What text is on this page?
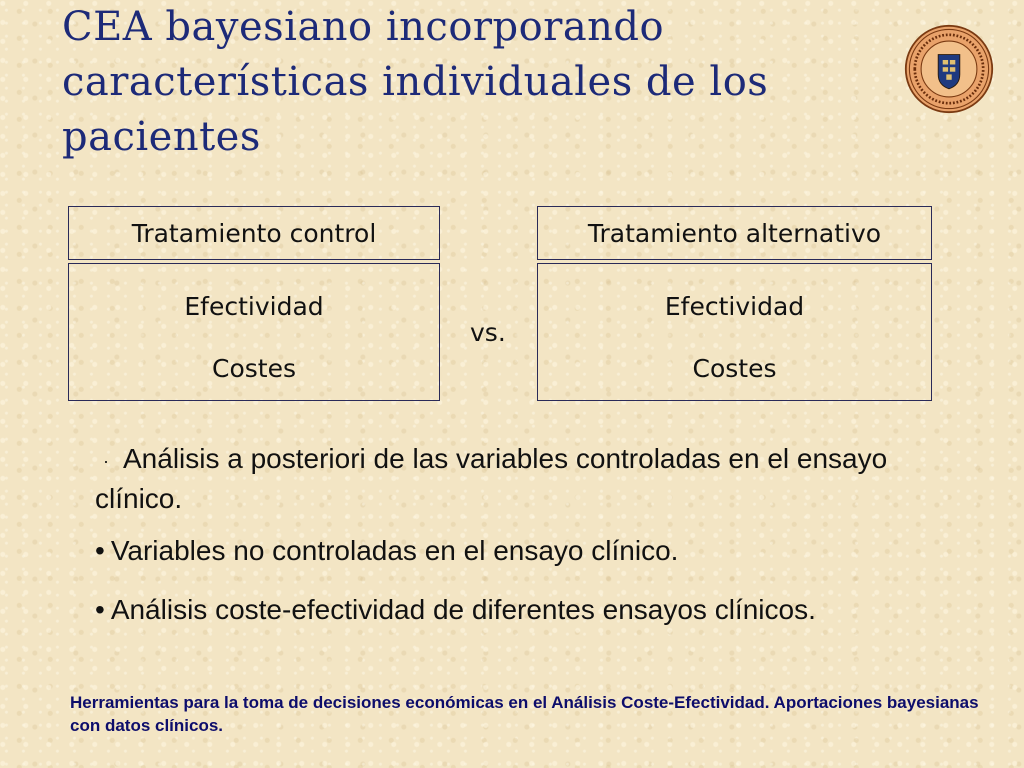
CEA bayesiano incorporando características individuales de los pacientes
Tratamiento control
Efectividad
Costes
vs.
Tratamiento alternativo
Efectividad
Costes

· Análisis a posteriori de las variables controladas en el ensayo clínico.

• Variables no controladas en el ensayo clínico.

• Análisis coste-efectividad de diferentes ensayos clínicos.

Herramientas para la toma de decisiones económicas en el Análisis Coste-Efectividad. Aportaciones bayesianas con datos clínicos.
